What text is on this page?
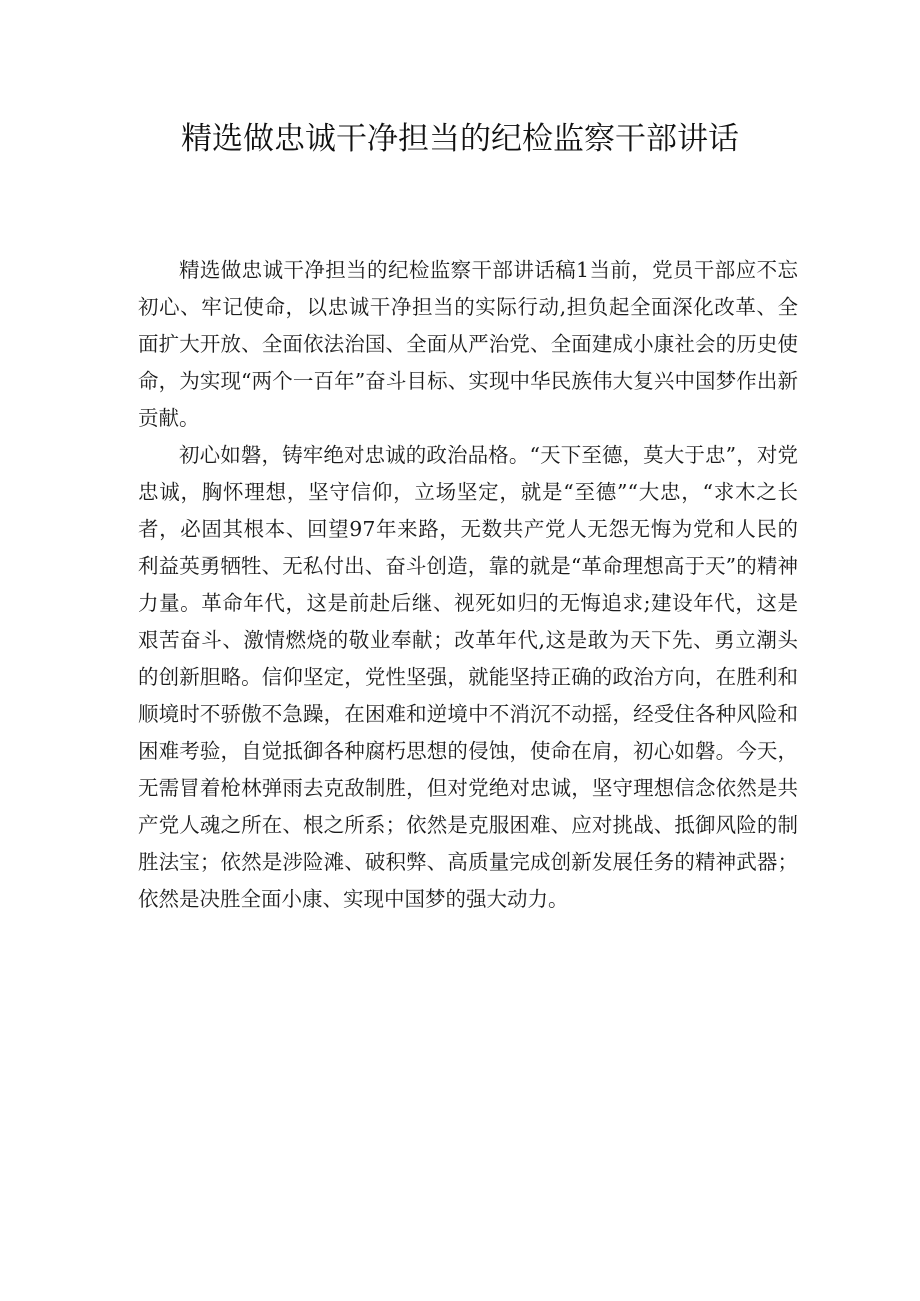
精选做忠诚干净担当的纪检监察干部讲话

精选做忠诚干净担当的纪检监察干部讲话稿1当前，党员干部应不忘初心、牢记使命，以忠诚干净担当的实际行动,担负起全面深化改革、全面扩大开放、全面依法治国、全面从严治党、全面建成小康社会的历史使命，为实现“两个一百年”奋斗目标、实现中华民族伟大复兴中国梦作出新贡献。

初心如磐，铸牢绝对忠诚的政治品格。“天下至德，莫大于忠”，对党忠诚，胸怀理想，坚守信仰，立场坚定，就是“至德”“大忠，“求木之长者，必固其根本、回望97年来路，无数共产党人无怨无悔为党和人民的利益英勇牺牲、无私付出、奋斗创造，靠的就是“革命理想高于天”的精神力量。革命年代，这是前赴后继、视死如归的无悔追求;建设年代，这是艰苦奋斗、激情燃烧的敬业奉献；改革年代,这是敢为天下先、勇立潮头的创新胆略。信仰坚定，党性坚强，就能坚持正确的政治方向，在胜利和顺境时不骄傲不急躁，在困难和逆境中不消沉不动摇，经受住各种风险和困难考验，自觉抵御各种腐朽思想的侵蚀，使命在肩，初心如磐。今天，无需冒着枪林弹雨去克敌制胜，但对党绝对忠诚，坚守理想信念依然是共产党人魂之所在、根之所系；依然是克服困难、应对挑战、抵御风险的制胜法宝；依然是涉险滩、破积弊、高质量完成创新发展任务的精神武器；依然是决胜全面小康、实现中国梦的强大动力。
